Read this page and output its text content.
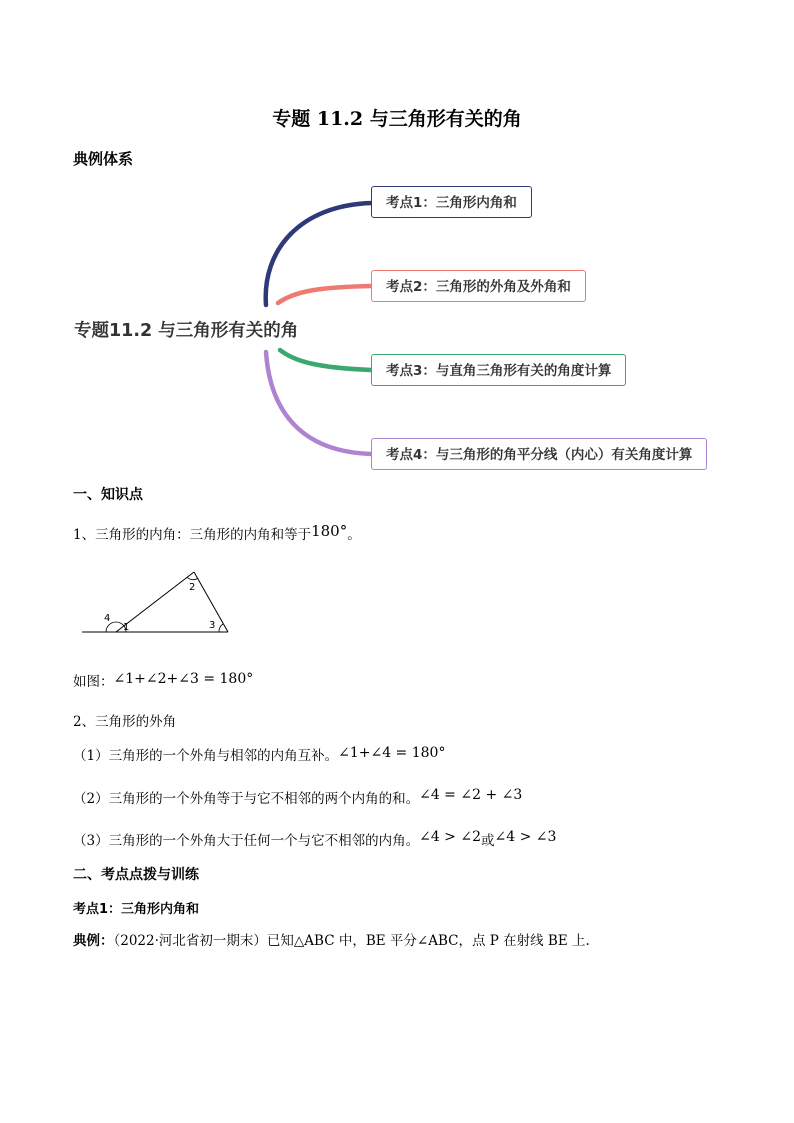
专题 11.2 与三角形有关的角
典例体系
专题11.2 与三角形有关的角
考点1：三角形内角和
考点2：三角形的外角及外角和
考点3：与直角三角形有关的角度计算
考点4：与三角形的角平分线（内心）有关角度计算
一、知识点
1、三角形的内角：三角形的内角和等于180°。
4
1
2
3
如图：∠1+∠2+∠3 = 180°
2、三角形的外角
（1）三角形的一个外角与相邻的内角互补。∠1+∠4 = 180°
（2）三角形的一个外角等于与它不相邻的两个内角的和。∠4 = ∠2 + ∠3
（3）三角形的一个外角大于任何一个与它不相邻的内角。∠4 > ∠2或∠4 > ∠3
二、考点点拨与训练
考点1：三角形内角和
典例：（2022·河北省初一期末）已知△ABC 中，BE 平分∠ABC，点 P 在射线 BE 上.
